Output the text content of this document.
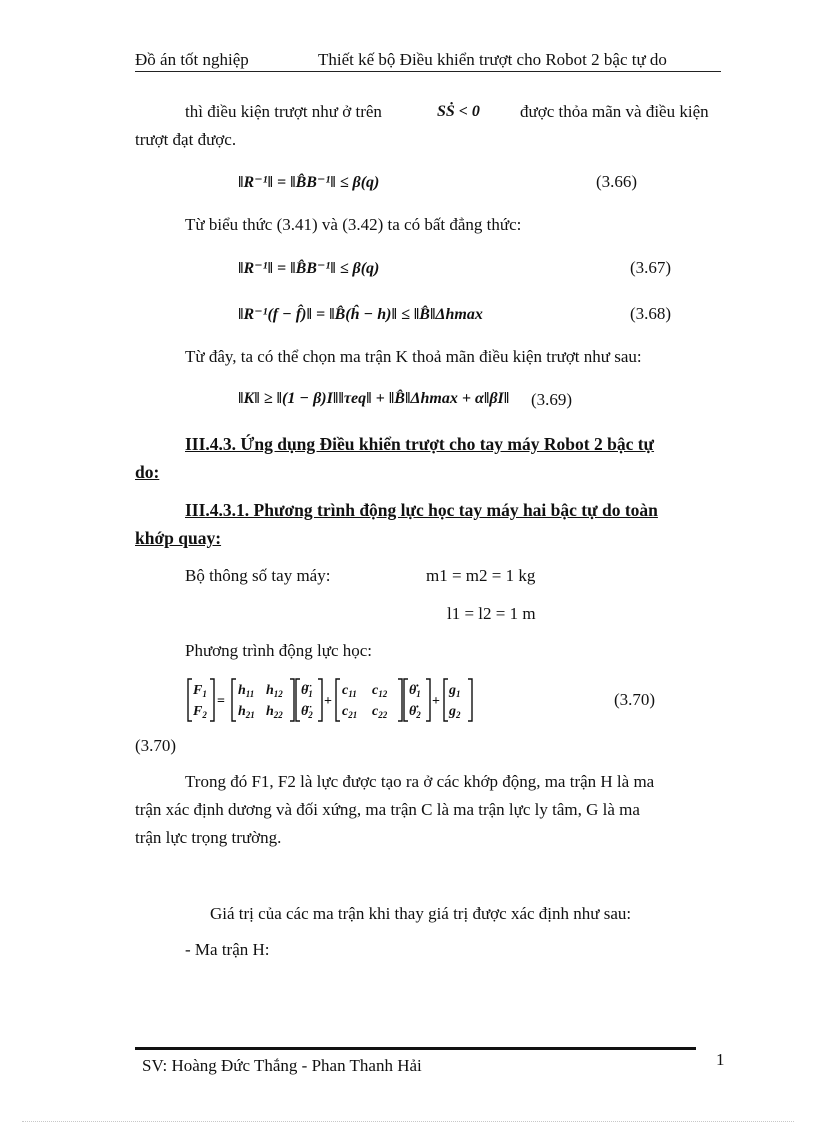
Đồ án tốt nghiệp	Thiết kế bộ Điều khiển trượt cho Robot 2 bậc tự do
thì điều kiện trượt như ở trên	SṠ < 0 được thỏa mãn và điều kiện
trượt đạt được.
‖R⁻¹‖ = ‖B̂B⁻¹‖ ≤ β(q)	(3.66)
Từ biểu thức (3.41) và (3.42) ta có bất đẳng thức:
‖R⁻¹‖ = ‖B̂B⁻¹‖ ≤ β(q)	(3.67)
‖R⁻¹(f − f̂)‖ = ‖B̂(ĥ − h)‖ ≤ ‖B̂‖Δhmax	(3.68)
Từ đây, ta có thể chọn ma trận K thoả mãn điều kiện trượt như sau:
‖K‖ ≥ ‖(1 − β)I‖‖τeq‖ + ‖B̂‖Δhmax + α‖βI‖ (3.69)
III.4.3. Ứng dụng Điều khiển trượt cho tay máy Robot 2 bậc tự
do:
III.4.3.1. Phương trình động lực học tay máy hai bậc tự do toàn
khớp quay:
Bộ thông số tay máy:	m1 = m2 = 1 kg
l1 = l2 = 1 m
Phương trình động lực học:
$F_1$
$F_2$
=
$h_{11}$ $h_{12}$
$h_{21}$ $h_{22}$
$\thetä_1$
$\thetä_2$
+
$c_{11}$ $c_{12}$
$c_{21}$ $c_{22}$
$\thetȧ_1$
$\thetȧ_2$
+
$g_1$
$g_2$
(3.70)
(3.70)
Trong đó F1, F2 là lực được tạo ra ở các khớp động, ma trận H là ma
trận xác định dương và đối xứng, ma trận C là ma trận lực ly tâm, G là ma
trận lực trọng trường.
Giá trị của các ma trận khi thay giá trị được xác định như sau:
- Ma trận H:
SV: Hoàng Đức Thắng - Phan Thanh Hải	1
